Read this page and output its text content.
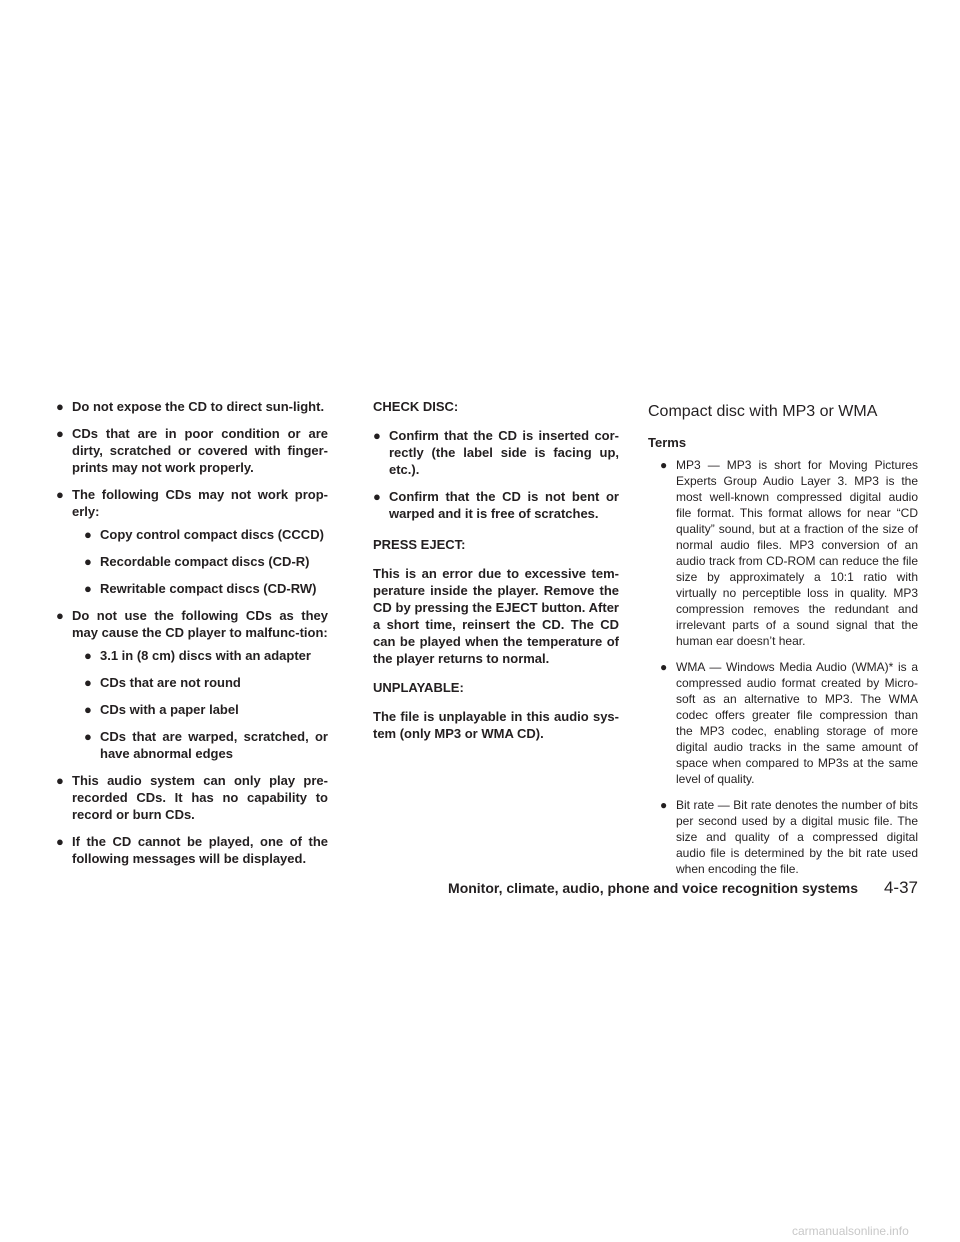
● Do not expose the CD to direct sun-light.
● CDs that are in poor condition or are dirty, scratched or covered with finger-prints may not work properly.
● The following CDs may not work prop-erly:
● Copy control compact discs (CCCD)
● Recordable compact discs (CD-R)
● Rewritable compact discs (CD-RW)
● Do not use the following CDs as they may cause the CD player to malfunc-tion:
● 3.1 in (8 cm) discs with an adapter
● CDs that are not round
● CDs with a paper label
● CDs that are warped, scratched, or have abnormal edges
● This audio system can only play pre-recorded CDs. It has no capability to record or burn CDs.
● If the CD cannot be played, one of the following messages will be displayed.
CHECK DISC:
● Confirm that the CD is inserted cor-rectly (the label side is facing up, etc.).
● Confirm that the CD is not bent or warped and it is free of scratches.
PRESS EJECT:
This is an error due to excessive tem-perature inside the player. Remove the CD by pressing the EJECT button. After a short time, reinsert the CD. The CD can be played when the temperature of the player returns to normal.
UNPLAYABLE:
The file is unplayable in this audio sys-tem (only MP3 or WMA CD).
Compact disc with MP3 or WMA
Terms
● MP3 — MP3 is short for Moving Pictures Experts Group Audio Layer 3. MP3 is the most well-known compressed digital audio file format. This format allows for near “CD quality” sound, but at a fraction of the size of normal audio files. MP3 conversion of an audio track from CD-ROM can reduce the file size by approximately a 10:1 ratio with virtually no perceptible loss in quality. MP3 compression removes the redundant and irrelevant parts of a sound signal that the human ear doesn’t hear.
● WMA — Windows Media Audio (WMA)* is a compressed audio format created by Micro-soft as an alternative to MP3. The WMA codec offers greater file compression than the MP3 codec, enabling storage of more digital audio tracks in the same amount of space when compared to MP3s at the same level of quality.
● Bit rate — Bit rate denotes the number of bits per second used by a digital music file. The size and quality of a compressed digital audio file is determined by the bit rate used when encoding the file.
Monitor, climate, audio, phone and voice recognition systems 4-37
carmanualsonline.info
